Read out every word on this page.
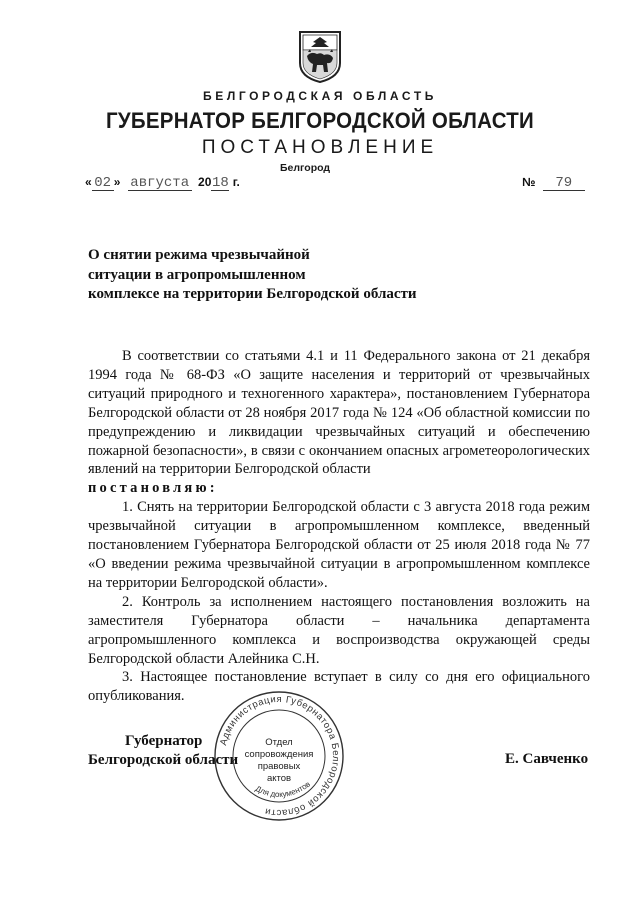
БЕЛГОРОДСКАЯ ОБЛАСТЬ
ГУБЕРНАТОР БЕЛГОРОДСКОЙ ОБЛАСТИ
ПОСТАНОВЛЕНИЕ
Белгород
« 02 » августа 2018 г.	№ 79
О снятии режима чрезвычайной
ситуации в агропромышленном
комплексе на территории Белгородской области

В соответствии со статьями 4.1 и 11 Федерального закона от 21 декабря 1994 года № 68-ФЗ «О защите населения и территорий от чрезвычайных ситуаций природного и техногенного характера», постановлением Губернатора Белгородской области от 28 ноября 2017 года № 124 «Об областной комиссии по предупреждению и ликвидации чрезвычайных ситуаций и обеспечению пожарной безопасности», в связи с окончанием опасных агрометеорологических явлений на территории Белгородской области

постановляю:

1. Снять на территории Белгородской области с 3 августа 2018 года режим чрезвычайной ситуации в агропромышленном комплексе, введенный постановлением Губернатора Белгородской области от 25 июля 2018 года № 77 «О введении режима чрезвычайной ситуации в агропромышленном комплексе на территории Белгородской области».

2. Контроль за исполнением настоящего постановления возложить на заместителя Губернатора области – начальника департамента агропромышленного комплекса и воспроизводства окружающей среды Белгородской области Алейника С.Н.

3. Настоящее постановление вступает в силу со дня его официального опубликования.

Губернатор
Белгородской области	Е. Савченко
Администрация Губернатора Белгородской области
Для документов
Отдел
сопровождения
правовых
актов
